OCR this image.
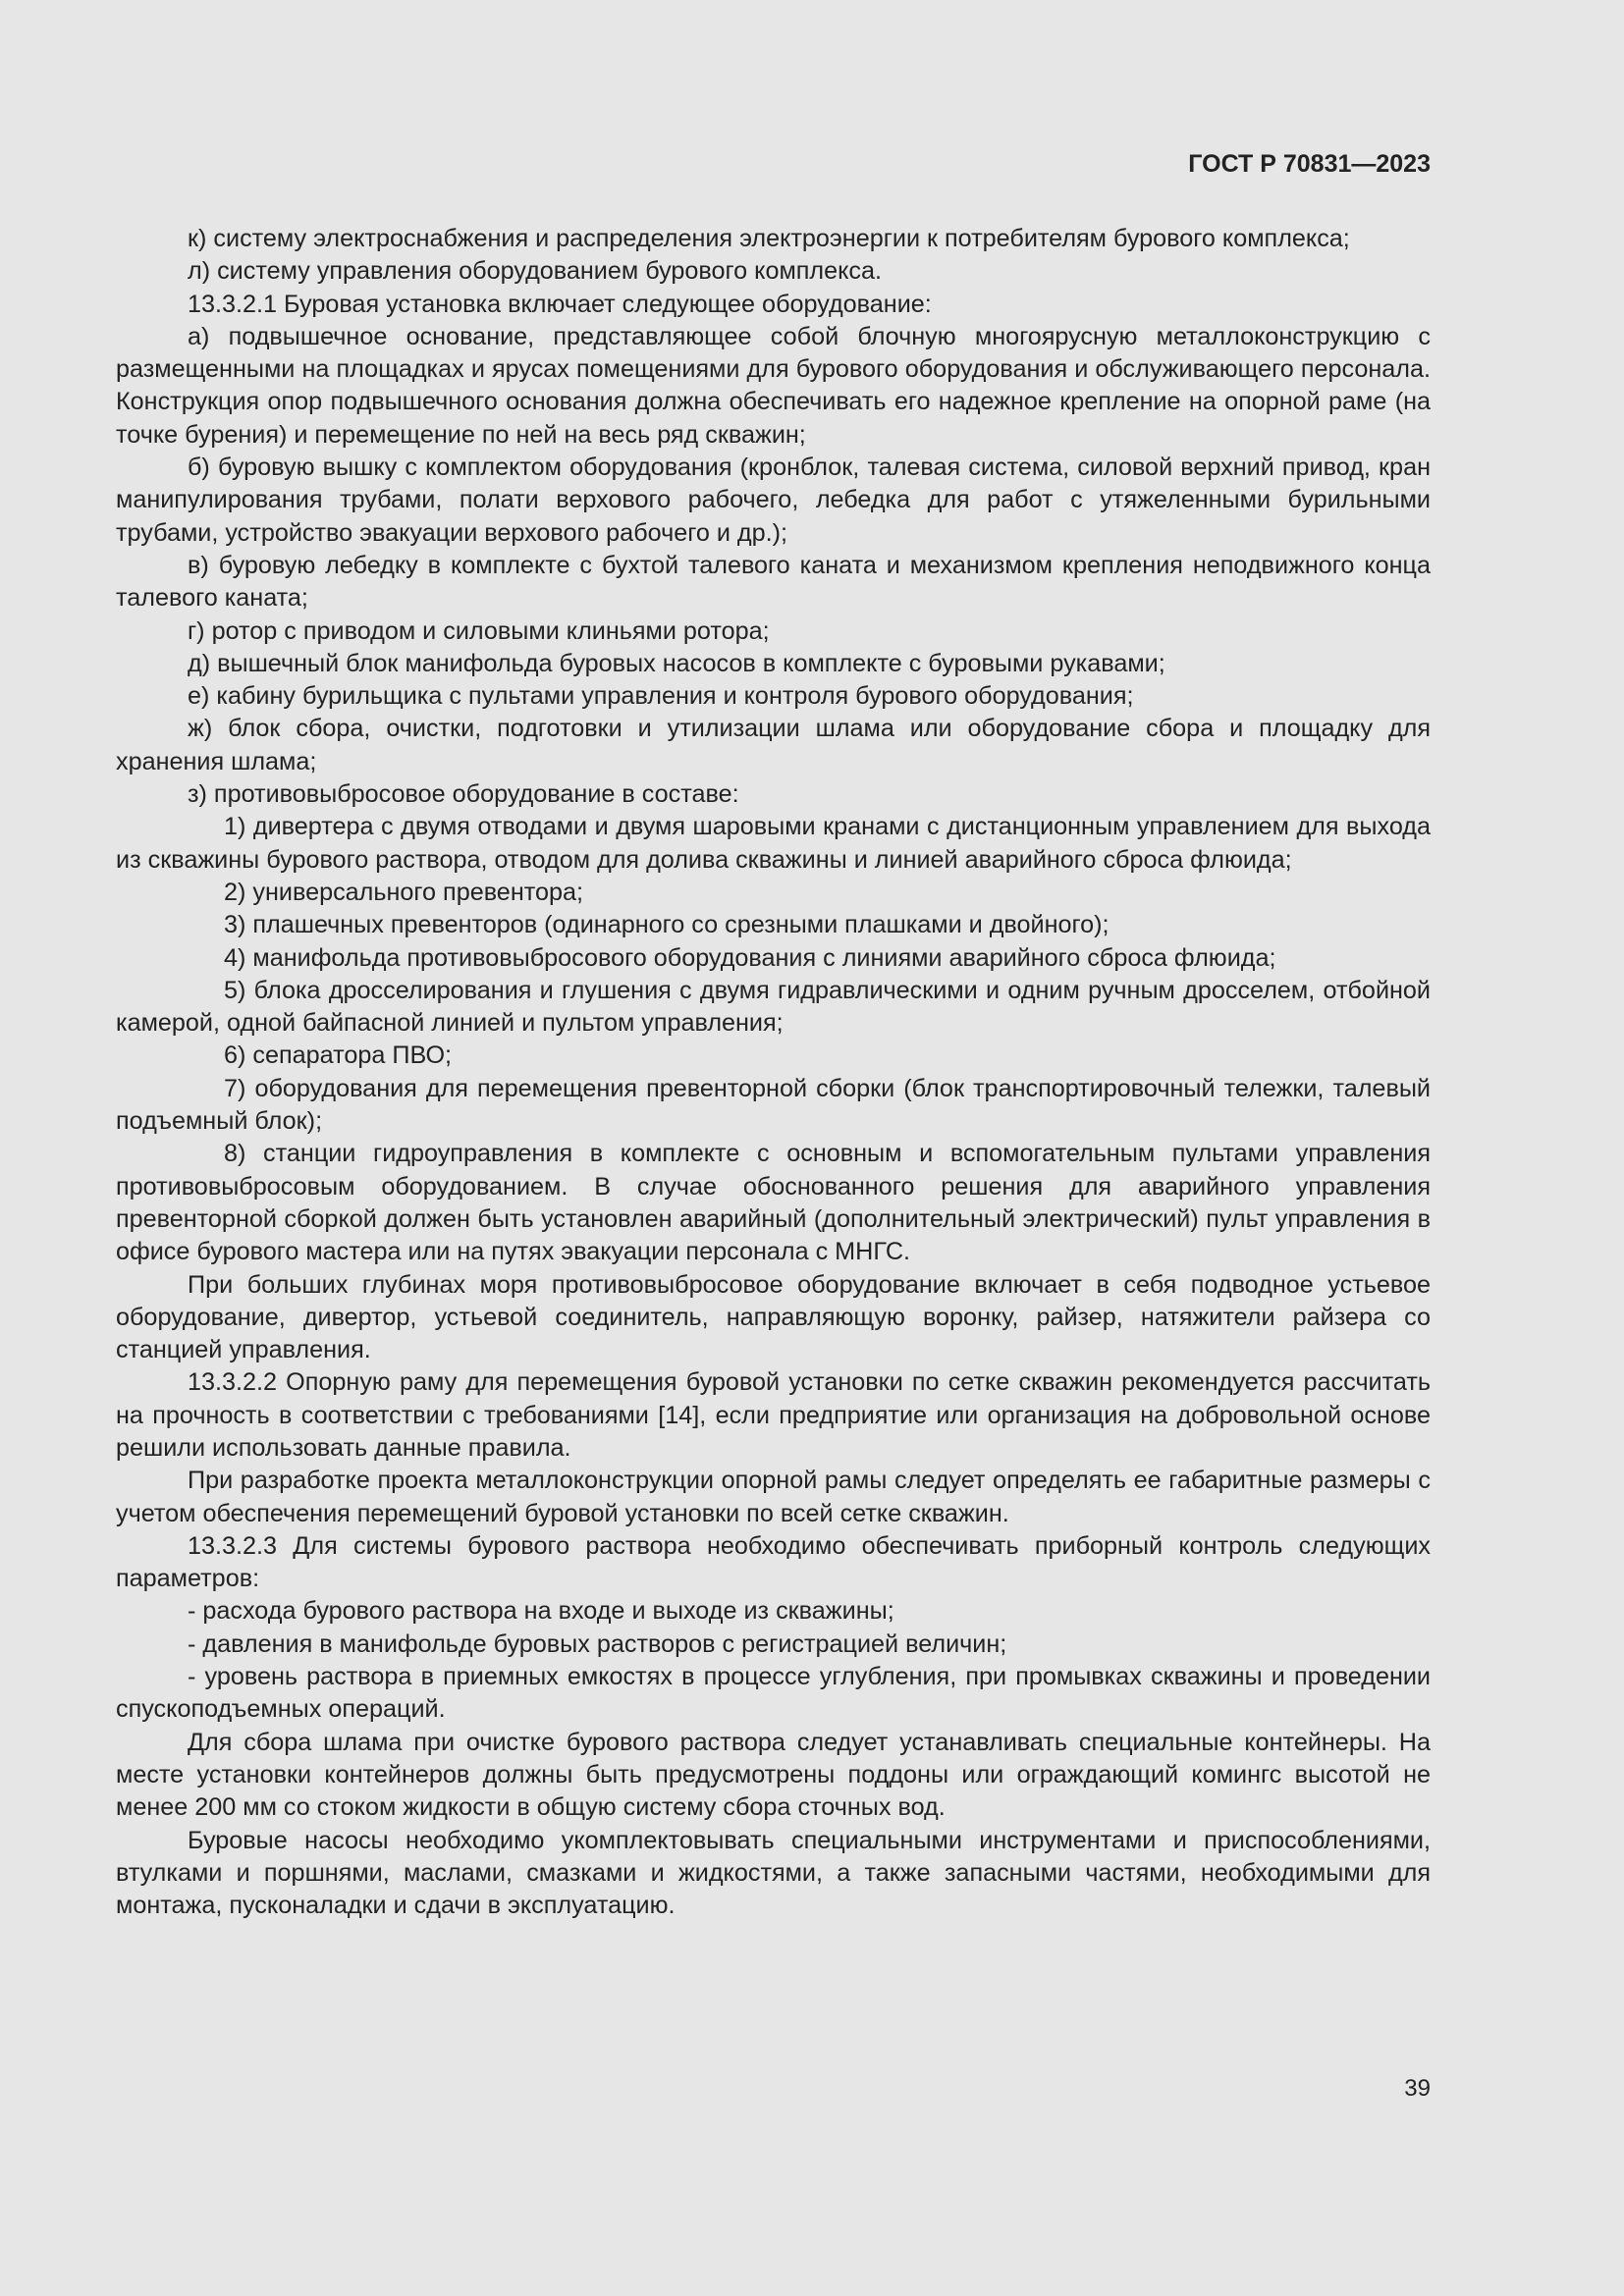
ГОСТ Р 70831—2023

к) систему электроснабжения и распределения электроэнергии к потребителям бурового комплекса;

л) систему управления оборудованием бурового комплекса.

13.3.2.1 Буровая установка включает следующее оборудование:

а) подвышечное основание, представляющее собой блочную многоярусную металлоконструкцию с размещенными на площадках и ярусах помещениями для бурового оборудования и обслуживающего персонала. Конструкция опор подвышечного основания должна обеспечивать его надежное крепление на опорной раме (на точке бурения) и перемещение по ней на весь ряд скважин;

б) буровую вышку с комплектом оборудования (кронблок, талевая система, силовой верхний привод, кран манипулирования трубами, полати верхового рабочего, лебедка для работ с утяжеленными бурильными трубами, устройство эвакуации верхового рабочего и др.);

в) буровую лебедку в комплекте с бухтой талевого каната и механизмом крепления неподвижного конца талевого каната;

г) ротор с приводом и силовыми клиньями ротора;

д) вышечный блок манифольда буровых насосов в комплекте с буровыми рукавами;

е) кабину бурильщика с пультами управления и контроля бурового оборудования;

ж) блок сбора, очистки, подготовки и утилизации шлама или оборудование сбора и площадку для хранения шлама;

з) противовыбросовое оборудование в составе:

1) дивертера с двумя отводами и двумя шаровыми кранами с дистанционным управлением для выхода из скважины бурового раствора, отводом для долива скважины и линией аварийного сброса флюида;

2) универсального превентора;

3) плашечных превенторов (одинарного со срезными плашками и двойного);

4) манифольда противовыбросового оборудования с линиями аварийного сброса флюида;

5) блока дросселирования и глушения с двумя гидравлическими и одним ручным дросселем, отбойной камерой, одной байпасной линией и пультом управления;

6) сепаратора ПВО;

7) оборудования для перемещения превенторной сборки (блок транспортировочный тележки, талевый подъемный блок);

8) станции гидроуправления в комплекте с основным и вспомогательным пультами управления противовыбросовым оборудованием. В случае обоснованного решения для аварийного управления превенторной сборкой должен быть установлен аварийный (дополнительный электрический) пульт управления в офисе бурового мастера или на путях эвакуации персонала с МНГС.

При больших глубинах моря противовыбросовое оборудование включает в себя подводное устьевое оборудование, дивертор, устьевой соединитель, направляющую воронку, райзер, натяжители райзера со станцией управления.

13.3.2.2 Опорную раму для перемещения буровой установки по сетке скважин рекомендуется рассчитать на прочность в соответствии с требованиями [14], если предприятие или организация на добровольной основе решили использовать данные правила.

При разработке проекта металлоконструкции опорной рамы следует определять ее габаритные размеры с учетом обеспечения перемещений буровой установки по всей сетке скважин.

13.3.2.3 Для системы бурового раствора необходимо обеспечивать приборный контроль следующих параметров:

- расхода бурового раствора на входе и выходе из скважины;

- давления в манифольде буровых растворов с регистрацией величин;

- уровень раствора в приемных емкостях в процессе углубления, при промывках скважины и проведении спускоподъемных операций.

Для сбора шлама при очистке бурового раствора следует устанавливать специальные контейнеры. На месте установки контейнеров должны быть предусмотрены поддоны или ограждающий комингс высотой не менее 200 мм со стоком жидкости в общую систему сбора сточных вод.

Буровые насосы необходимо укомплектовывать специальными инструментами и приспособлениями, втулками и поршнями, маслами, смазками и жидкостями, а также запасными частями, необходимыми для монтажа, пусконаладки и сдачи в эксплуатацию.

39
